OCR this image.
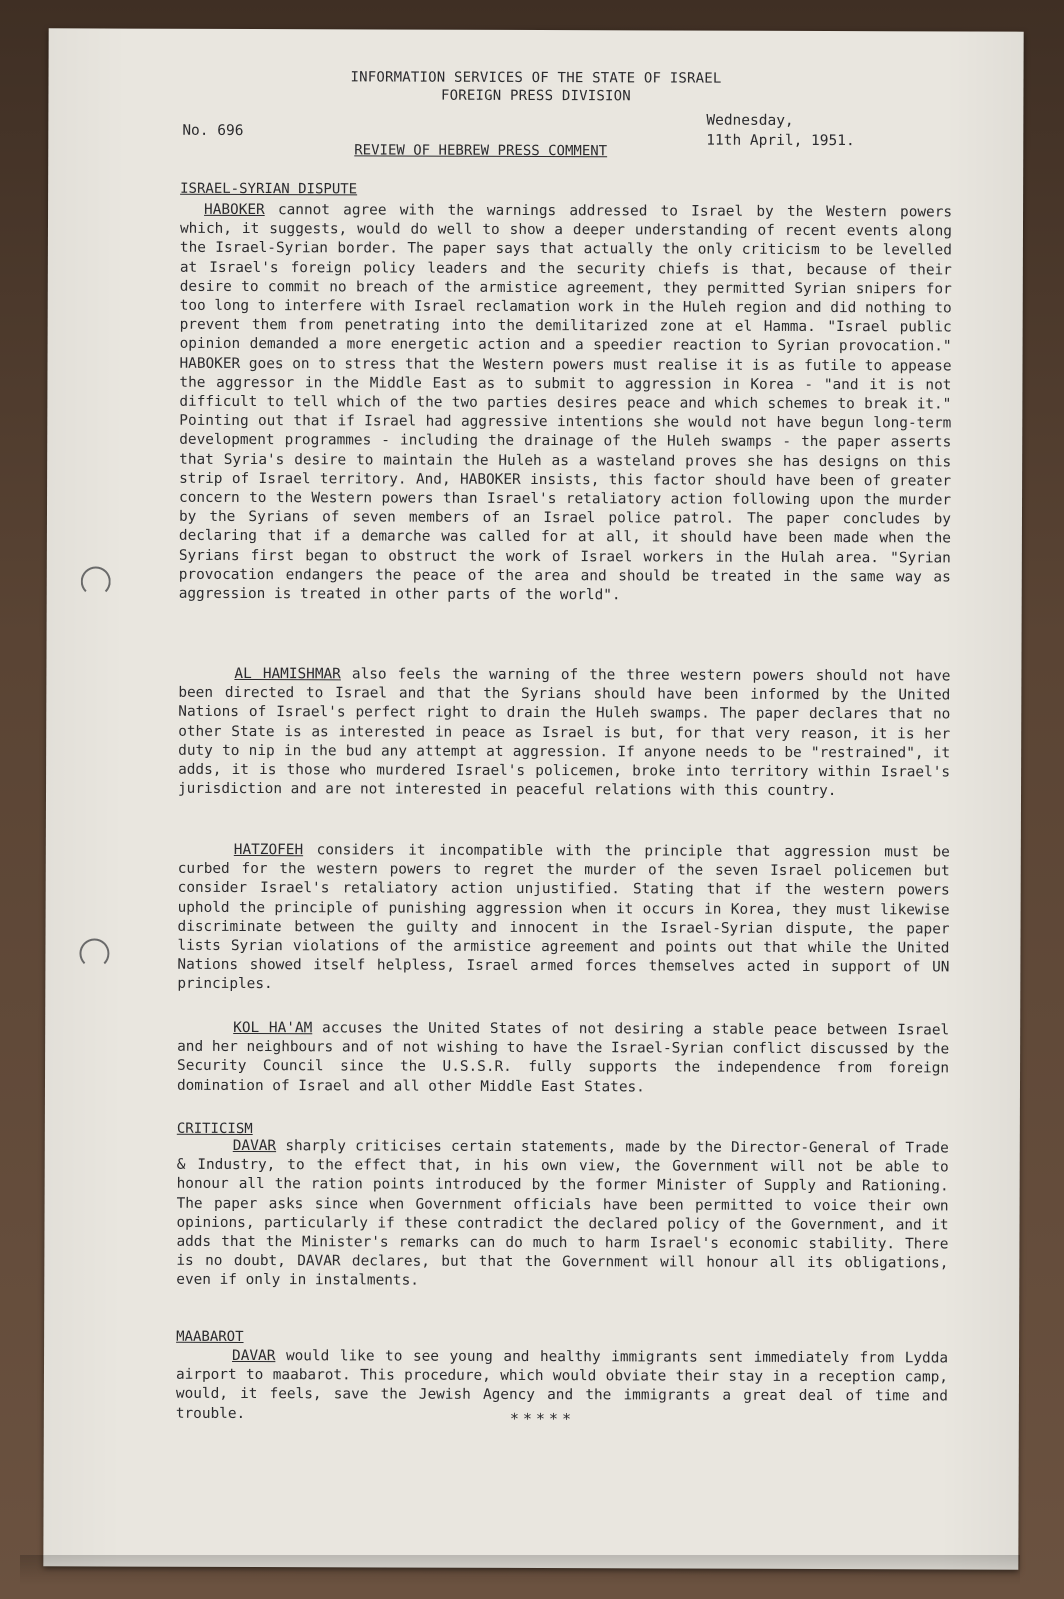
INFORMATION SERVICES OF THE STATE OF ISRAEL
FOREIGN PRESS DIVISION
Wednesday,
11th April, 1951.
No. 696
REVIEW OF HEBREW PRESS COMMENT
ISRAEL-SYRIAN DISPUTE
HABOKER cannot agree with the warnings addressed to Israel by the Western powers which, it suggests, would do well to show a deeper understanding of recent events along the Israel-Syrian border. The paper says that actually the only criticism to be levelled at Israel's foreign policy leaders and the security chiefs is that, because of their desire to commit no breach of the armistice agreement, they permitted Syrian snipers for too long to interfere with Israel reclamation work in the Huleh region and did nothing to prevent them from penetrating into the demilitarized zone at el Hamma. "Israel public opinion demanded a more energetic action and a speedier reaction to Syrian provocation." HABOKER goes on to stress that the Western powers must realise it is as futile to appease the aggressor in the Middle East as to submit to aggression in Korea - "and it is not difficult to tell which of the two parties desires peace and which schemes to break it." Pointing out that if Israel had aggressive intentions she would not have begun long-term development programmes - including the drainage of the Huleh swamps - the paper asserts that Syria's desire to maintain the Huleh as a wasteland proves she has designs on this strip of Israel territory. And, HABOKER insists, this factor should have been of greater concern to the Western powers than Israel's retaliatory action following upon the murder by the Syrians of seven members of an Israel police patrol. The paper concludes by declaring that if a demarche was called for at all, it should have been made when the Syrians first began to obstruct the work of Israel workers in the Hulah area. "Syrian provocation endangers the peace of the area and should be treated in the same way as aggression is treated in other parts of the world".
AL HAMISHMAR also feels the warning of the three western powers should not have been directed to Israel and that the Syrians should have been informed by the United Nations of Israel's perfect right to drain the Huleh swamps. The paper declares that no other State is as interested in peace as Israel is but, for that very reason, it is her duty to nip in the bud any attempt at aggression. If anyone needs to be "restrained", it adds, it is those who murdered Israel's policemen, broke into territory within Israel's jurisdiction and are not interested in peaceful relations with this country.
HATZOFEH considers it incompatible with the principle that aggression must be curbed for the western powers to regret the murder of the seven Israel policemen but consider Israel's retaliatory action unjustified. Stating that if the western powers uphold the principle of punishing aggression when it occurs in Korea, they must likewise discriminate between the guilty and innocent in the Israel-Syrian dispute, the paper lists Syrian violations of the armistice agreement and points out that while the United Nations showed itself helpless, Israel armed forces themselves acted in support of UN principles.
KOL HA'AM accuses the United States of not desiring a stable peace between Israel and her neighbours and of not wishing to have the Israel-Syrian conflict discussed by the Security Council since the U.S.S.R. fully supports the independence from foreign domination of Israel and all other Middle East States.
CRITICISM
DAVAR sharply criticises certain statements, made by the Director-General of Trade & Industry, to the effect that, in his own view, the Government will not be able to honour all the ration points introduced by the former Minister of Supply and Rationing. The paper asks since when Government officials have been permitted to voice their own opinions, particularly if these contradict the declared policy of the Government, and it adds that the Minister's remarks can do much to harm Israel's economic stability. There is no doubt, DAVAR declares, but that the Government will honour all its obligations, even if only in instalments.
MAABAROT
DAVAR would like to see young and healthy immigrants sent immediately from Lydda airport to maabarot. This procedure, which would obviate their stay in a reception camp, would, it feels, save the Jewish Agency and the immigrants a great deal of time and trouble.	*****
